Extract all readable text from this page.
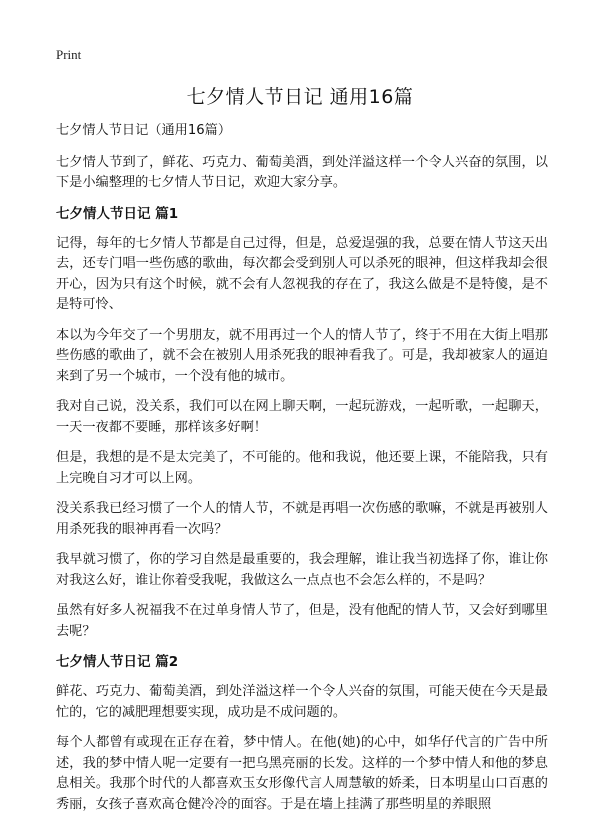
Print
七夕情人节日记 通用16篇

七夕情人节日记（通用16篇）

七夕情人节到了，鲜花、巧克力、葡萄美酒，到处洋溢这样一个令人兴奋的氛围，以下是小编整理的七夕情人节日记，欢迎大家分享。

七夕情人节日记 篇1

记得，每年的七夕情人节都是自己过得，但是，总爱逞强的我，总要在情人节这天出去，还专门唱一些伤感的歌曲，每次都会受到别人可以杀死的眼神，但这样我却会很开心，因为只有这个时候，就不会有人忽视我的存在了，我这么做是不是特傻，是不是特可怜、

本以为今年交了一个男朋友，就不用再过一个人的情人节了，终于不用在大街上唱那些伤感的歌曲了，就不会在被别人用杀死我的眼神看我了。可是，我却被家人的逼迫来到了另一个城市，一个没有他的城市。

我对自己说，没关系，我们可以在网上聊天啊，一起玩游戏，一起听歌，一起聊天，一天一夜都不要睡，那样该多好啊！

但是，我想的是不是太完美了，不可能的。他和我说，他还要上课，不能陪我，只有上完晚自习才可以上网。

没关系我已经习惯了一个人的情人节，不就是再唱一次伤感的歌嘛，不就是再被别人用杀死我的眼神再看一次吗？

我早就习惯了，你的学习自然是最重要的，我会理解，谁让我当初选择了你，谁让你对我这么好，谁让你着受我呢，我做这么一点点也不会怎么样的，不是吗？

虽然有好多人祝福我不在过单身情人节了，但是，没有他配的情人节，又会好到哪里去呢？

七夕情人节日记 篇2

鲜花、巧克力、葡萄美酒，到处洋溢这样一个令人兴奋的氛围，可能天使在今天是最忙的，它的减肥理想要实现，成功是不成问题的。

每个人都曾有或现在正存在着，梦中情人。在他(她)的心中，如华仔代言的广告中所述，我的梦中情人呢一定要有一把乌黑亮丽的长发。这样的一个梦中情人和他的梦息息相关。我那个时代的人都喜欢玉女形像代言人周慧敏的娇柔，日本明星山口百惠的秀丽，女孩子喜欢高仓健冷冷的面容。于是在墙上挂满了那些明星的养眼照
